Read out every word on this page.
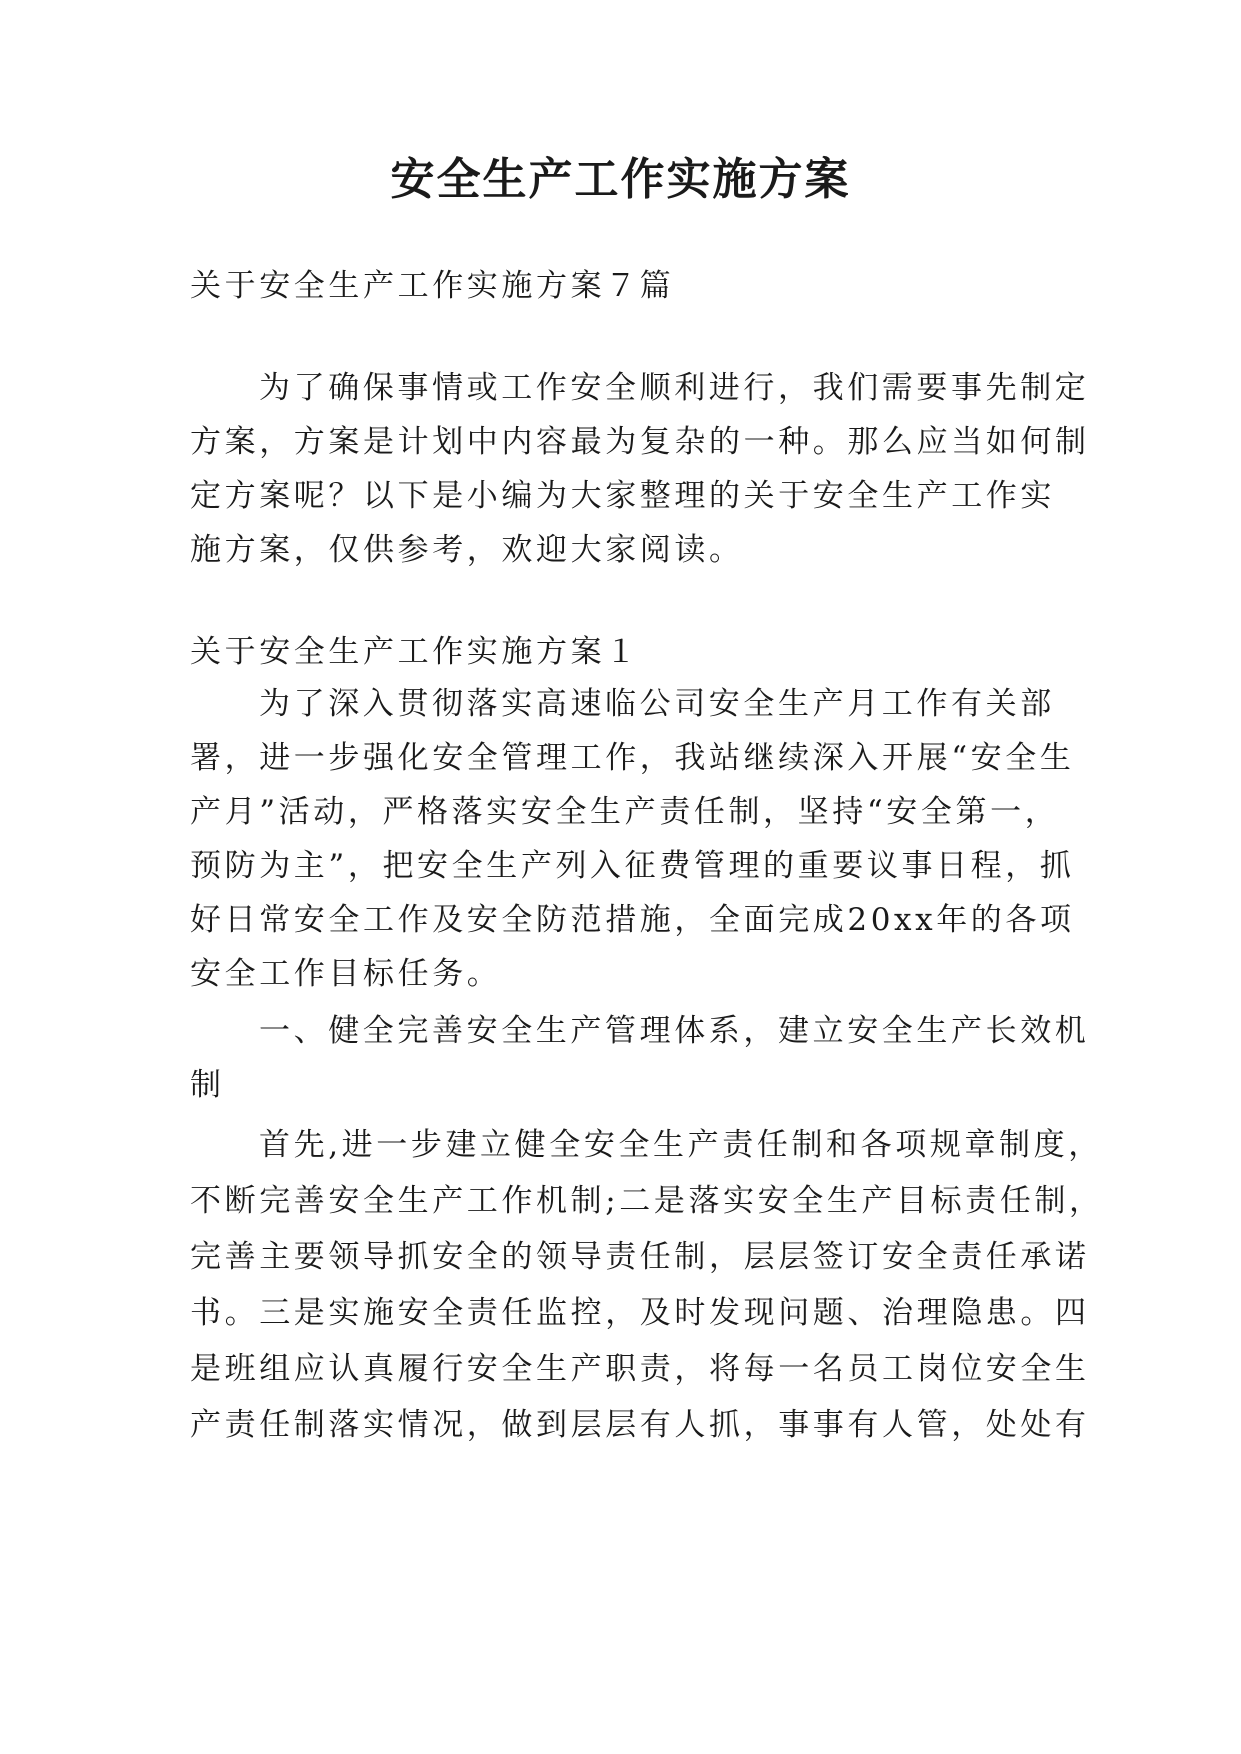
安全生产工作实施方案
关于安全生产工作实施方案７篇
为了确保事情或工作安全顺利进行，我们需要事先制定
方案，方案是计划中内容最为复杂的一种。那么应当如何制
定方案呢？以下是小编为大家整理的关于安全生产工作实
施方案，仅供参考，欢迎大家阅读。
关于安全生产工作实施方案１
为了深入贯彻落实高速临公司安全生产月工作有关部
署，进一步强化安全管理工作，我站继续深入开展“安全生
产月”活动，严格落实安全生产责任制，坚持“安全第一，
预防为主”，把安全生产列入征费管理的重要议事日程，抓
好日常安全工作及安全防范措施，全面完成20xx年的各项
安全工作目标任务。
一、健全完善安全生产管理体系，建立安全生产长效机
制
首先,进一步建立健全安全生产责任制和各项规章制度，
不断完善安全生产工作机制;二是落实安全生产目标责任制，
完善主要领导抓安全的领导责任制，层层签订安全责任承诺
书。三是实施安全责任监控，及时发现问题、治理隐患。四
是班组应认真履行安全生产职责，将每一名员工岗位安全生
产责任制落实情况，做到层层有人抓，事事有人管，处处有
